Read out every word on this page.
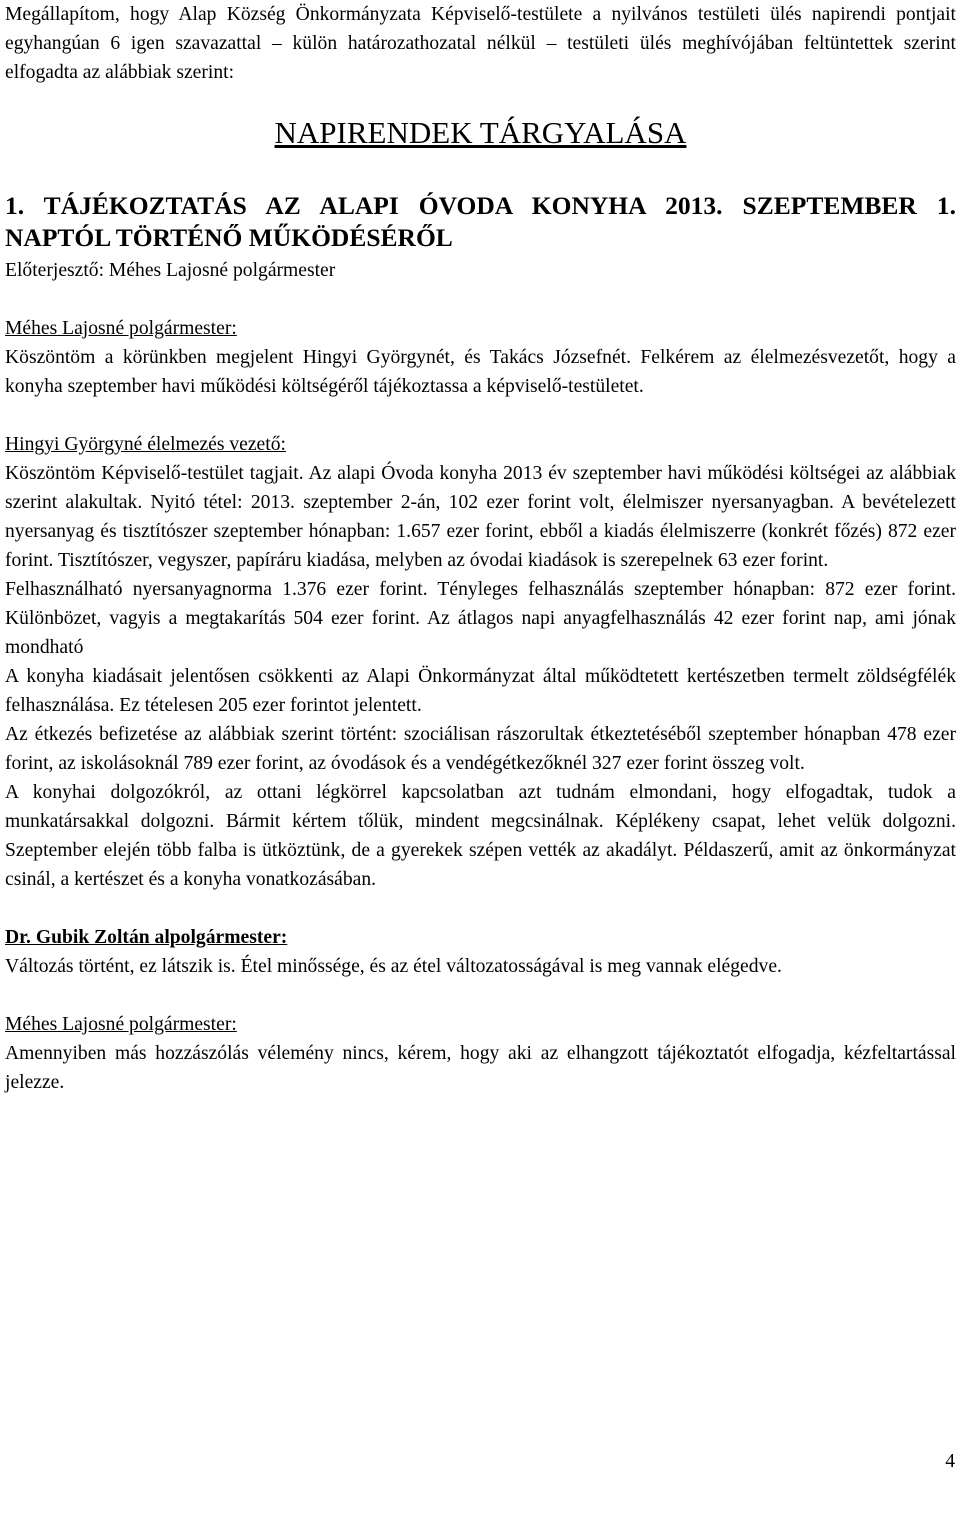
Megállapítom, hogy Alap Község Önkormányzata Képviselő-testülete a nyilvános testületi ülés napirendi pontjait egyhangúan 6 igen szavazattal – külön határozathozatal nélkül – testületi ülés meghívójában feltüntettek szerint elfogadta az alábbiak szerint:

NAPIRENDEK TÁRGYALÁSA
1. TÁJÉKOZTATÁS AZ ALAPI ÓVODA KONYHA 2013. SZEPTEMBER 1. NAPTÓL TÖRTÉNŐ MŰKÖDÉSÉRŐL
Előterjesztő: Méhes Lajosné polgármester
Méhes Lajosné polgármester:

Köszöntöm a körünkben megjelent Hingyi Györgynét, és Takács Józsefnét. Felkérem az élelmezésvezetőt, hogy a konyha szeptember havi működési költségéről tájékoztassa a képviselő-testületet.

Hingyi Györgyné élelmezés vezető:

Köszöntöm Képviselő-testület tagjait. Az alapi Óvoda konyha 2013 év szeptember havi működési költségei az alábbiak szerint alakultak. Nyitó tétel: 2013. szeptember 2-án, 102 ezer forint volt, élelmiszer nyersanyagban. A bevételezett nyersanyag és tisztítószer szeptember hónapban: 1.657 ezer forint, ebből a kiadás élelmiszerre (konkrét főzés) 872 ezer forint. Tisztítószer, vegyszer, papíráru kiadása, melyben az óvodai kiadások is szerepelnek 63 ezer forint.

Felhasználható nyersanyagnorma 1.376 ezer forint. Tényleges felhasználás szeptember hónapban: 872 ezer forint. Különbözet, vagyis a megtakarítás 504 ezer forint. Az átlagos napi anyagfelhasználás 42 ezer forint nap, ami jónak mondható

A konyha kiadásait jelentősen csökkenti az Alapi Önkormányzat által működtetett kertészetben termelt zöldségfélék felhasználása. Ez tételesen 205 ezer forintot jelentett.

Az étkezés befizetése az alábbiak szerint történt: szociálisan rászorultak étkeztetéséből szeptember hónapban 478 ezer forint, az iskolásoknál 789 ezer forint, az óvodások és a vendégétkezőknél 327 ezer forint összeg volt.

A konyhai dolgozókról, az ottani légkörrel kapcsolatban azt tudnám elmondani, hogy elfogadtak, tudok a munkatársakkal dolgozni. Bármit kértem tőlük, mindent megcsinálnak. Képlékeny csapat, lehet velük dolgozni. Szeptember elején több falba is ütköztünk, de a gyerekek szépen vették az akadályt. Példaszerű, amit az önkormányzat csinál, a kertészet és a konyha vonatkozásában.

Dr. Gubik Zoltán alpolgármester:

Változás történt, ez látszik is. Étel minőssége, és az étel változatosságával is meg vannak elégedve.

Méhes Lajosné polgármester:

Amennyiben más hozzászólás vélemény nincs, kérem, hogy aki az elhangzott tájékoztatót elfogadja, kézfeltartással jelezze.

4
